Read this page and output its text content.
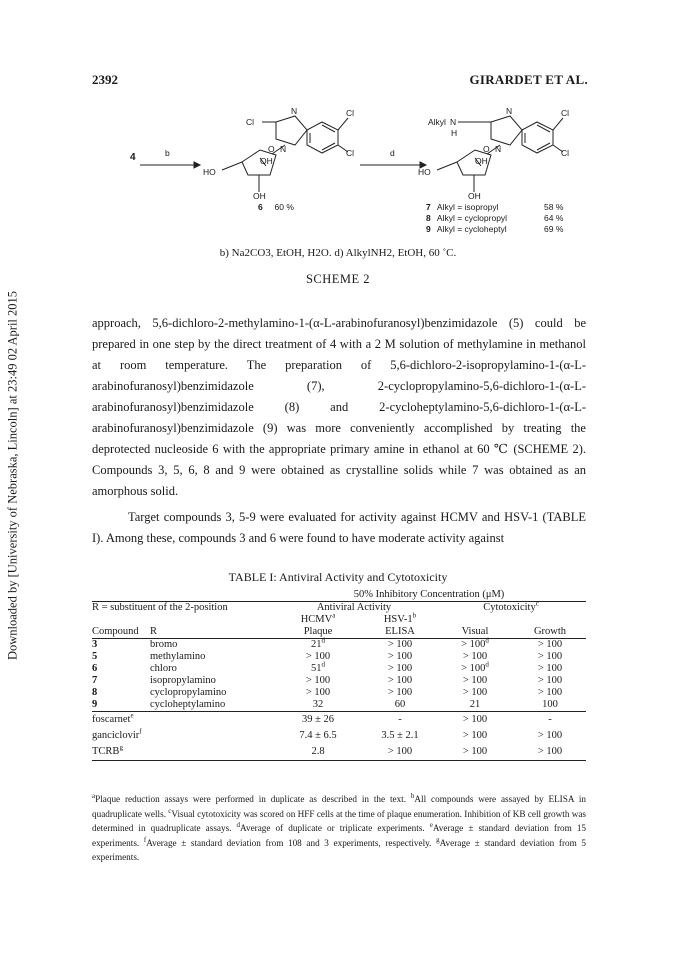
Downloaded by [University of Nebraska, Lincoln] at 23:49 02 April 2015
2392	GIRARDET ET AL.
4	b	d
N
N
Cl
Cl
Cl
O
OH
HO
OH
N
N
Alkyl N
H
Cl
Cl
O
OH
HO
OH
6 60 %	7 Alkyl = isopropyl	58 %
8 Alkyl = cyclopropyl	64 %
9 Alkyl = cycloheptyl	69 %
b) Na2CO3, EtOH, H2O. d) AlkylNH2, EtOH, 60 ˚C.
SCHEME 2

approach, 5,6-dichloro-2-methylamino-1-(α-L-arabinofuranosyl)benzimidazole (5) could be prepared in one step by the direct treatment of 4 with a 2 M solution of methylamine in methanol at room temperature. The preparation of 5,6-dichloro-2-isopropylamino-1-(α-L-arabinofuranosyl)benzimidazole (7), 2-cyclopropylamino-5,6-dichloro-1-(α-L-arabinofuranosyl)benzimidazole (8) and 2-cycloheptylamino-5,6-dichloro-1-(α-L-arabinofuranosyl)benzimidazole (9) was more conveniently accomplished by treating the deprotected nucleoside 6 with the appropriate primary amine in ethanol at 60 ℃ (SCHEME 2). Compounds 3, 5, 6, 8 and 9 were obtained as crystalline solids while 7 was obtained as an amorphous solid.

Target compounds 3, 5-9 were evaluated for activity against HCMV and HSV-1 (TABLE I). Among these, compounds 3 and 6 were found to have moderate activity against

TABLE I: Antiviral Activity and Cytotoxicity
		50% Inhibitory Concentration (μM)			
R = substituent of the 2-position		Antiviral Activity		Cytotoxicity$^c$
		HCMV$^a$	HSV-1$^b$		
Compound	R	Plaque	ELISA	Visual	Growth
3	bromo	$21^d$	> 100	> $100^d$	> 100
5	methylamino	> 100	> 100	> 100	> 100
6	chloro	$51^d$	> 100	> $100^d$	> 100
7	isopropylamino	> 100	> 100	> 100	> 100
8	cyclopropylamino	> 100	> 100	> 100	> 100
9	cycloheptylamino	32	60	21	100
foscarnet$^e$		39 ± 26	-	> 100	-
ganciclovir$^f$		7.4 ± 6.5	3.5 ± 2.1	> 100	> 100
TCRB$^g$		2.8	> 100	> 100	> 100
$^a$Plaque reduction assays were performed in duplicate as described in the text. $^b$All compounds were assayed by ELISA in quadruplicate wells. $^c$Visual cytotoxicity was scored on HFF cells at the time of plaque enumeration. Inhibition of KB cell growth was determined in quadruplicate assays. $^d$Average of duplicate or triplicate experiments. $^e$Average ± standard deviation from 15 experiments. $^f$Average ± standard deviation from 108 and 3 experiments, respectively. $^g$Average ± standard deviation from 5 experiments.
